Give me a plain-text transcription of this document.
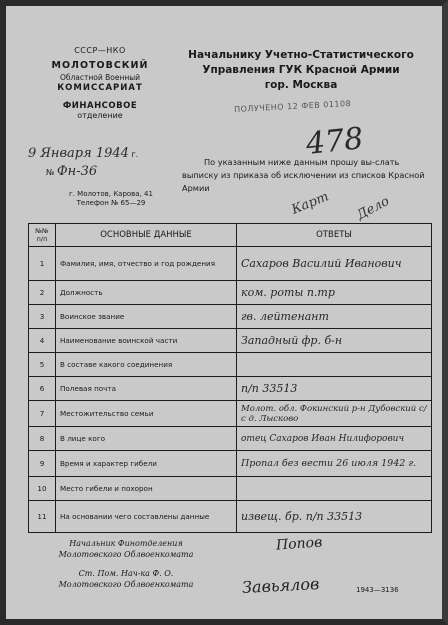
СССР—НКО
МОЛОТОВСКИЙ
Областной Военный
КОМИССАРИАТ
ФИНАНСОВОЕ
отделение
9 Января 1944 г.
№ Фн-36
г. Молотов, Карова, 41
Телефон № 65—29
Начальнику Учетно-Статистического
Управления ГУК Красной Армии
гор. Москва
ПОЛУЧЕНО 12 ФЕВ 01108
478
По указанным ниже данным прошу вы-слать выписку из приказа об исключении из списков Красной Армии
Карт Дело
№№ п/п	ОСНОВНЫЕ ДАННЫЕ	ОТВЕТЫ
1	Фамилия, имя, отчество и год рождения	Сахаров Василий Иванович
2	Должность	ком. роты п.тр
3	Воинское звание	гв. лейтенант
4	Наименование воинской части	Западный фр. б-н
5	В составе какого соединения	
6	Полевая почта	п/п 33513
7	Местожительство семьи	Молот. обл. Фокинский р-н Дубовский с/с д. Лысково
8	В лице кого	отец Сахаров Иван Нилифорович
9	Время и характер гибели	Пропал без вести 26 июля 1942 г.
10	Место гибели и похорон	
11	На основании чего составлены данные	извещ. бр. п/п 33513
Начальник Финотделения
Молотовского Облвоенкомата
Ст. Пом. Нач-ка Ф. О.
Молотовского Облвоенкомата
Попов
Завьялов	1943—3136
